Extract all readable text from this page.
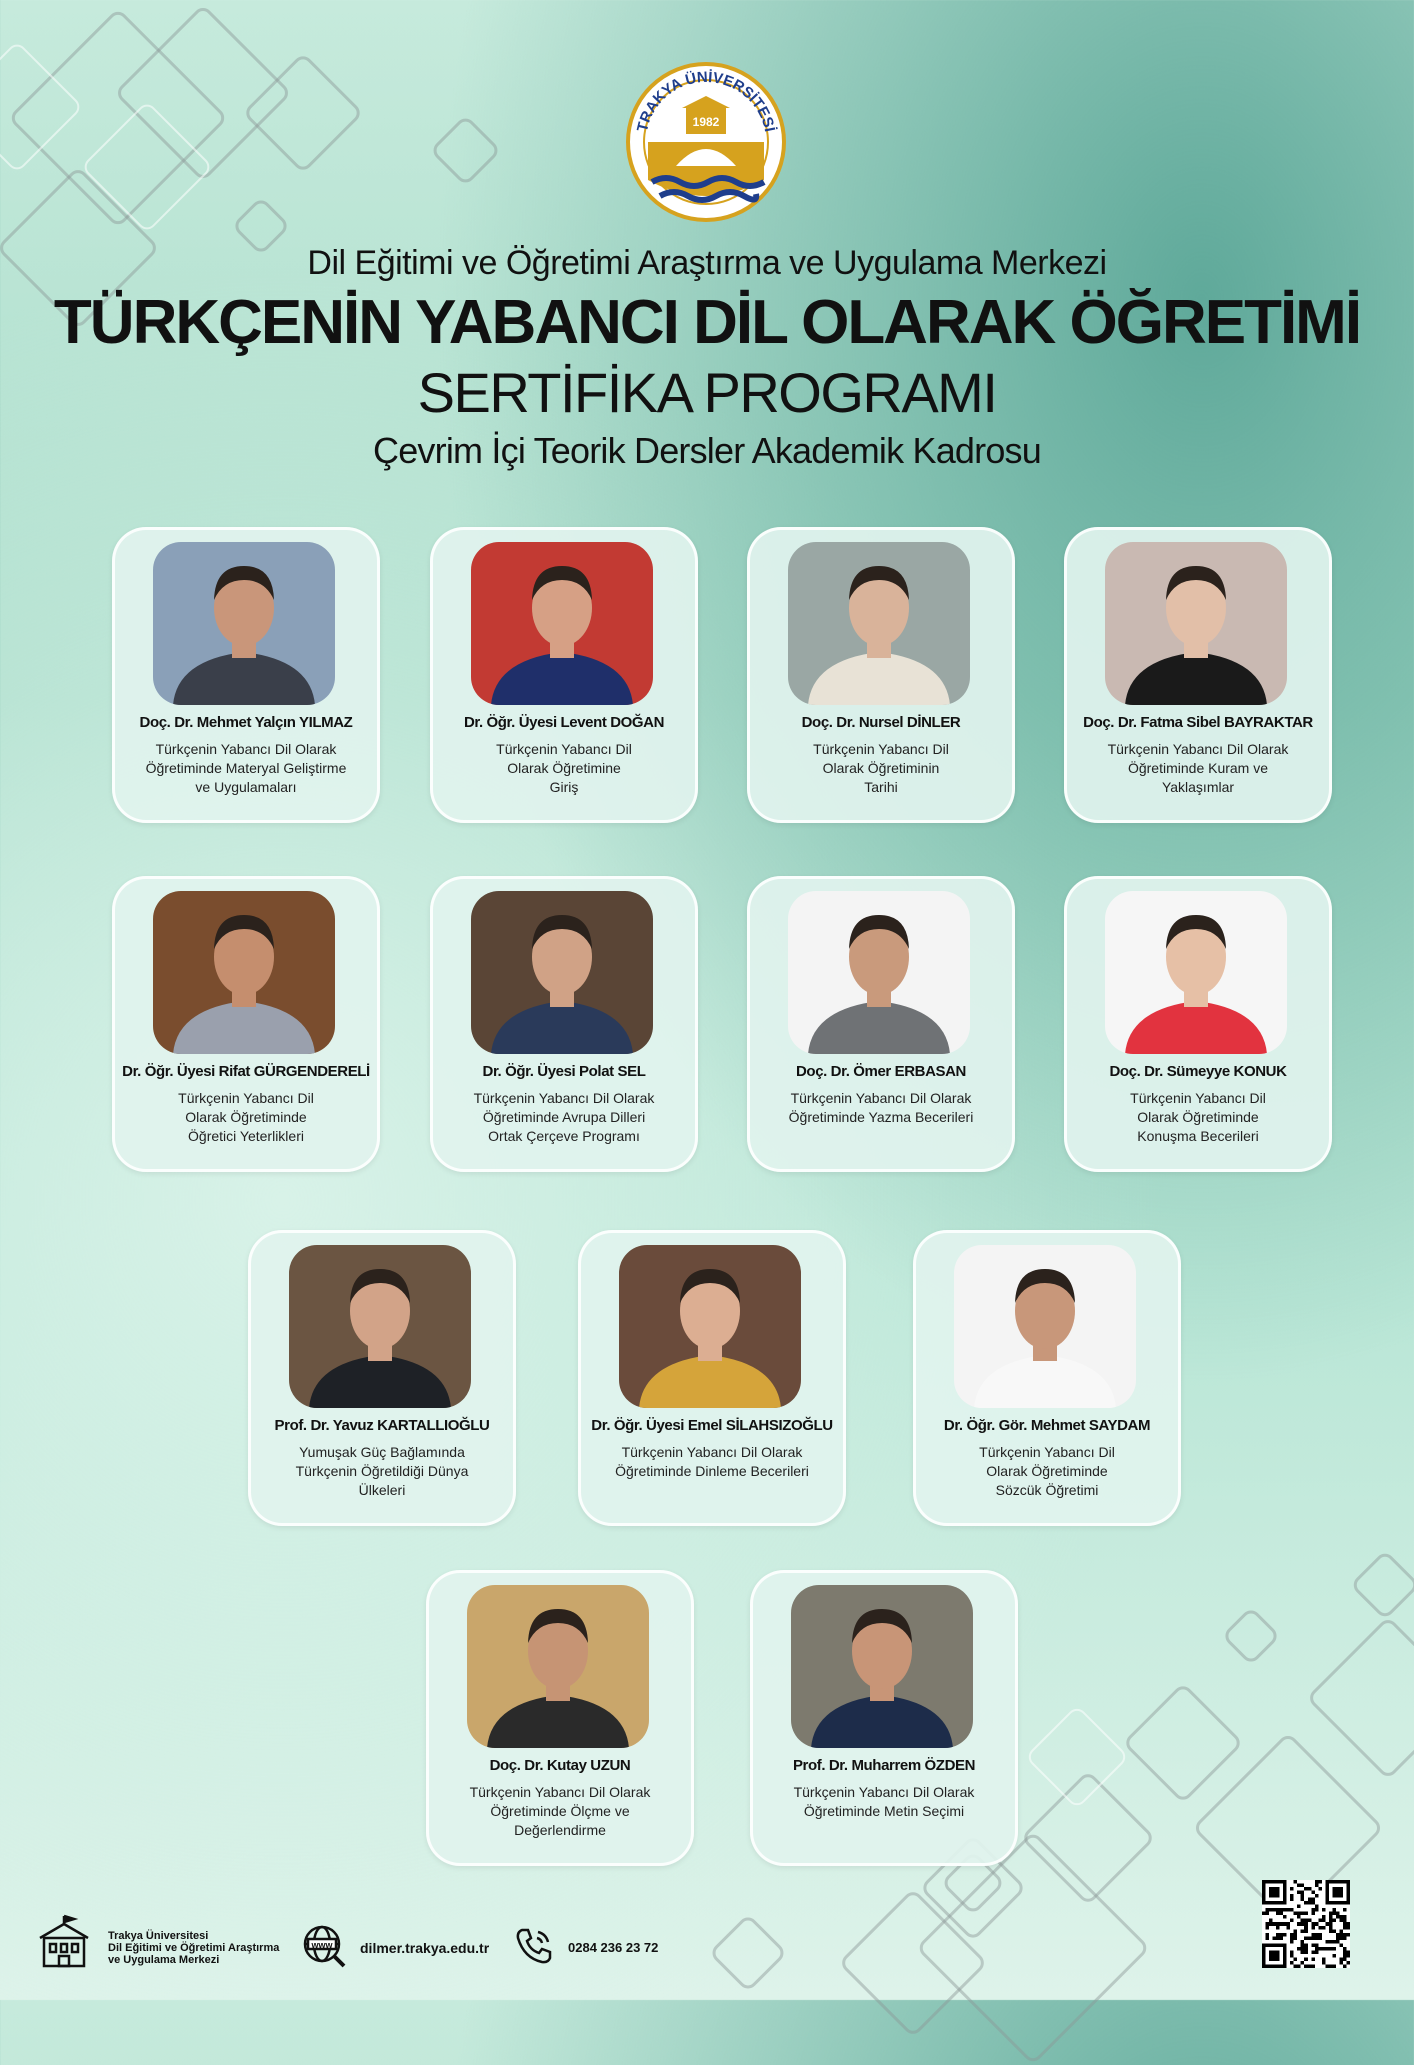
1982
TRAKYA ÜNİVERSİTESİ

Dil Eğitimi ve Öğretimi Araştırma ve Uygulama Merkezi

TÜRKÇENİN YABANCI DİL OLARAK ÖĞRETİMİ

SERTİFİKA PROGRAMI

Çevrim İçi Teorik Dersler Akademik Kadrosu

Doç. Dr. Mehmet Yalçın YILMAZ
Türkçenin Yabancı Dil Olarak
Öğretiminde Materyal Geliştirme
ve Uygulamaları
Dr. Öğr. Üyesi Levent DOĞAN
Türkçenin Yabancı Dil
Olarak Öğretimine
Giriş
Doç. Dr. Nursel DİNLER
Türkçenin Yabancı Dil
Olarak Öğretiminin
Tarihi
Doç. Dr. Fatma Sibel BAYRAKTAR
Türkçenin Yabancı Dil Olarak
Öğretiminde Kuram ve
Yaklaşımlar
Dr. Öğr. Üyesi Rifat GÜRGENDERELİ
Türkçenin Yabancı Dil
Olarak Öğretiminde
Öğretici Yeterlikleri
Dr. Öğr. Üyesi Polat SEL
Türkçenin Yabancı Dil Olarak
Öğretiminde Avrupa Dilleri
Ortak Çerçeve Programı
Doç. Dr. Ömer ERBASAN
Türkçenin Yabancı Dil Olarak
Öğretiminde Yazma Becerileri
Doç. Dr. Sümeyye KONUK
Türkçenin Yabancı Dil
Olarak Öğretiminde
Konuşma Becerileri
Prof. Dr. Yavuz KARTALLIOĞLU
Yumuşak Güç Bağlamında
Türkçenin Öğretildiği Dünya
Ülkeleri
Dr. Öğr. Üyesi Emel SİLAHSIZOĞLU
Türkçenin Yabancı Dil Olarak
Öğretiminde Dinleme Becerileri
Dr. Öğr. Gör. Mehmet SAYDAM
Türkçenin Yabancı Dil
Olarak Öğretiminde
Sözcük Öğretimi
Doç. Dr. Kutay UZUN
Türkçenin Yabancı Dil Olarak
Öğretiminde Ölçme ve
Değerlendirme
Prof. Dr. Muharrem ÖZDEN
Türkçenin Yabancı Dil Olarak
Öğretiminde Metin Seçimi
Trakya Üniversitesi
Dil Eğitimi ve Öğretimi Araştırma
ve Uygulama Merkezi
www dilmer.trakya.edu.tr	0284 236 23 72
